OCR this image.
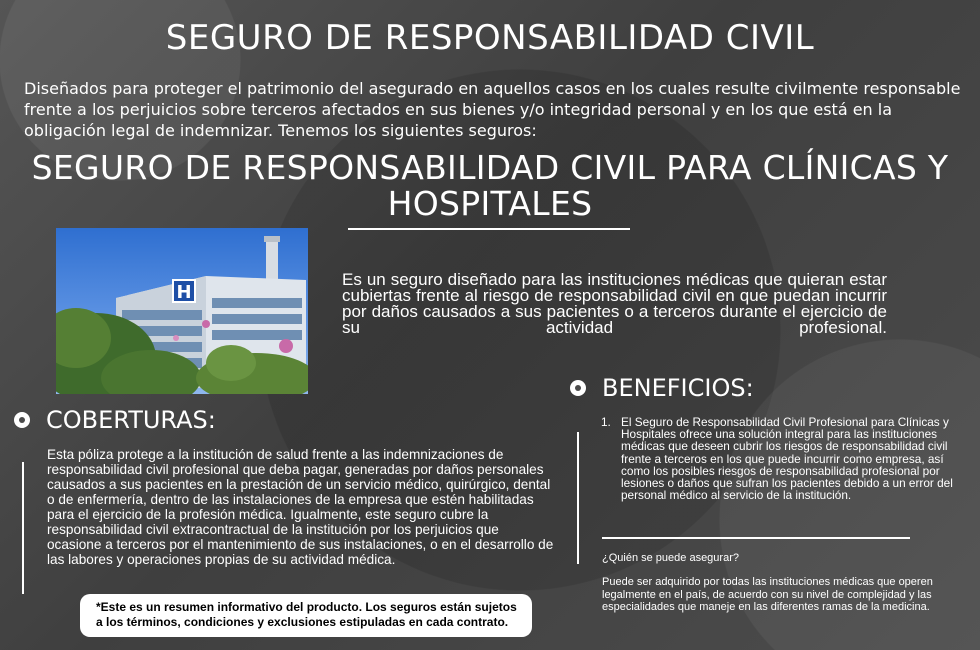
SEGURO DE RESPONSABILIDAD CIVIL
Diseñados para proteger el patrimonio del asegurado en aquellos casos en los cuales resulte civilmente responsable frente a los perjuicios sobre terceros afectados en sus bienes y/o integridad personal y en los que está en la obligación legal de indemnizar. Tenemos los siguientes seguros:
SEGURO DE RESPONSABILIDAD CIVIL PARA CLÍNICAS Y HOSPITALES
H
Es un seguro diseñado para las instituciones médicas que quieran estar cubiertas frente al riesgo de responsabilidad civil en que puedan incurrir por daños causados a sus pacientes o a terceros durante el ejercicio de su actividad profesional.
COBERTURAS:
Esta póliza protege a la institución de salud frente a las indemnizaciones de responsabilidad civil profesional que deba pagar, generadas por daños personales causados a sus pacientes en la prestación de un servicio médico, quirúrgico, dental o de enfermería, dentro de las instalaciones de la empresa que estén habilitadas para el ejercicio de la profesión médica. Igualmente, este seguro cubre la responsabilidad civil extracontractual de la institución por los perjuicios que ocasione a terceros por el mantenimiento de sus instalaciones, o en el desarrollo de las labores y operaciones propias de su actividad médica.
*Este es un resumen informativo del producto. Los seguros están sujetos a los términos, condiciones y exclusiones estipuladas en cada contrato.
BENEFICIOS:
1. El Seguro de Responsabilidad Civil Profesional para Clínicas y Hospitales ofrece una solución integral para las instituciones médicas que deseen cubrir los riesgos de responsabilidad civil frente a terceros en los que puede incurrir como empresa, así como los posibles riesgos de responsabilidad profesional por lesiones o daños que sufran los pacientes debido a un error del personal médico al servicio de la institución.
¿Quién se puede asegurar?
Puede ser adquirido por todas las instituciones médicas que operen legalmente en el país, de acuerdo con su nivel de complejidad y las especialidades que maneje en las diferentes ramas de la medicina.
